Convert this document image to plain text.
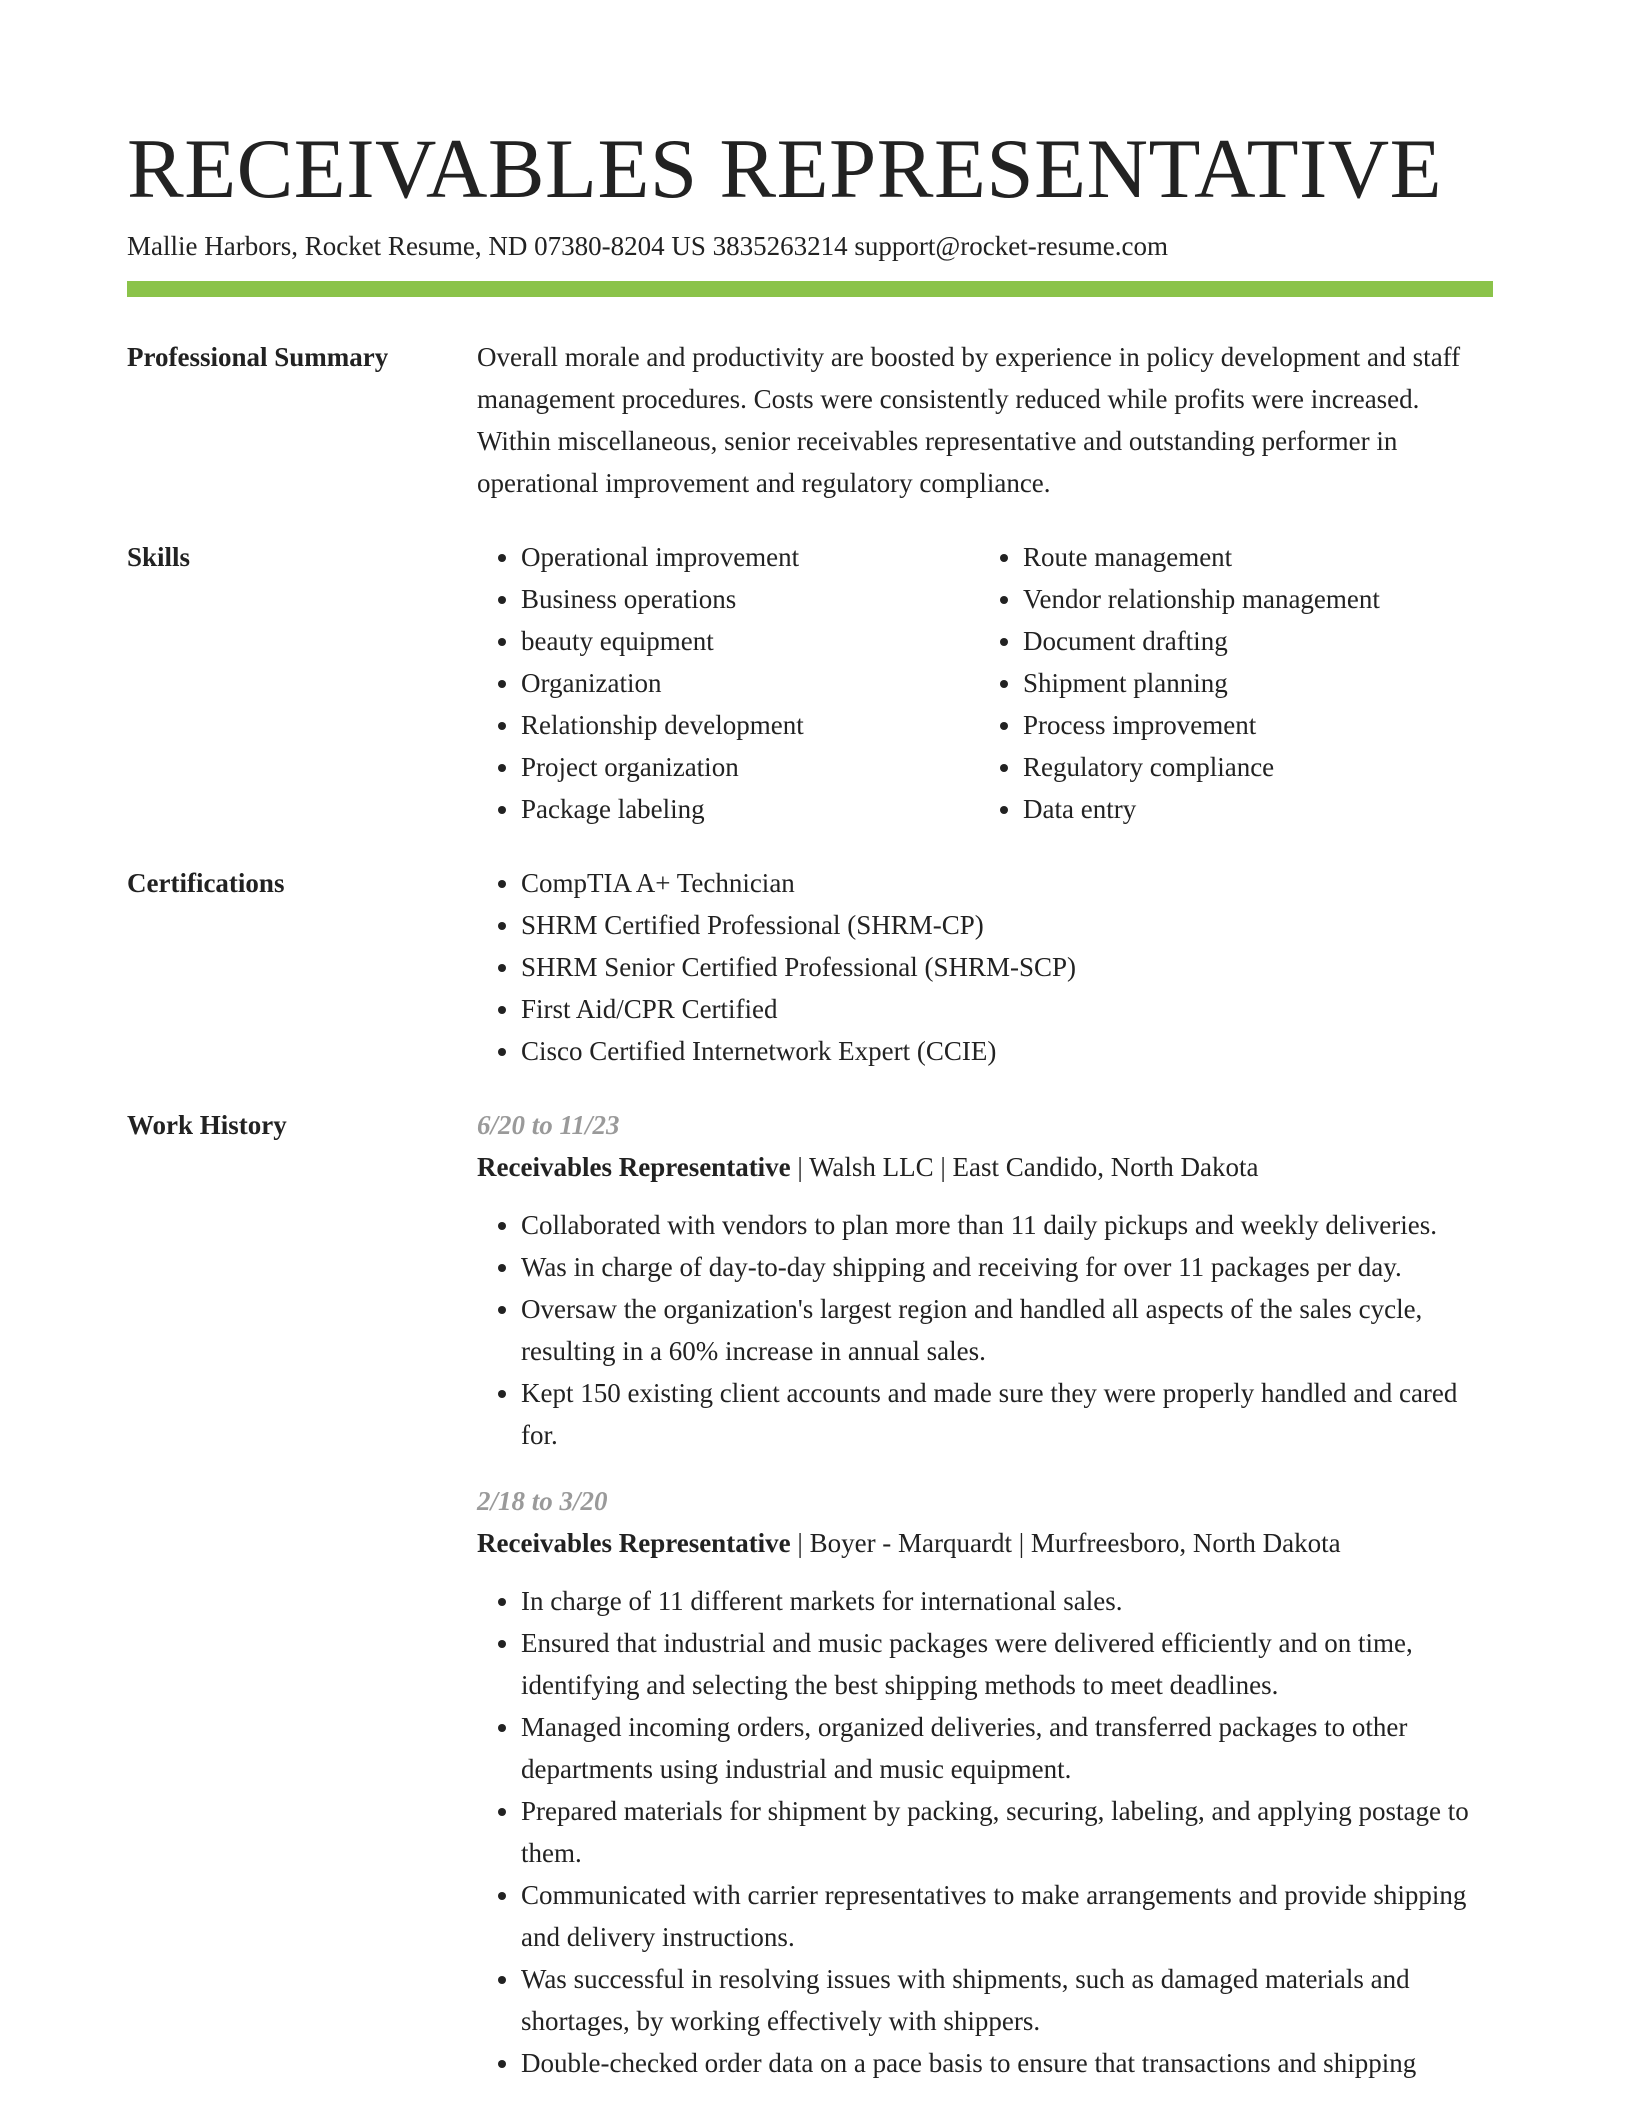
RECEIVABLES REPRESENTATIVE
Mallie Harbors, Rocket Resume, ND 07380-8204 US 3835263214 support@rocket-resume.com
Professional Summary	Overall morale and productivity are boosted by experience in policy development and staff management procedures. Costs were consistently reduced while profits were increased. Within miscellaneous, senior receivables representative and outstanding performer in operational improvement and regulatory compliance.
Skills	• Operational improvement
• Business operations
• beauty equipment
• Organization
• Relationship development
• Project organization
• Package labeling
• Route management
• Vendor relationship management
• Document drafting
• Shipment planning
• Process improvement
• Regulatory compliance
• Data entry
Certifications	• CompTIA A+ Technician
• SHRM Certified Professional (SHRM-CP)
• SHRM Senior Certified Professional (SHRM-SCP)
• First Aid/CPR Certified
• Cisco Certified Internetwork Expert (CCIE)
Work History	6/20 to 11/23
Receivables Representative | Walsh LLC | East Candido, North Dakota
• Collaborated with vendors to plan more than 11 daily pickups and weekly deliveries.
• Was in charge of day-to-day shipping and receiving for over 11 packages per day.
• Oversaw the organization's largest region and handled all aspects of the sales cycle, resulting in a 60% increase in annual sales.
• Kept 150 existing client accounts and made sure they were properly handled and cared for.
2/18 to 3/20
Receivables Representative | Boyer - Marquardt | Murfreesboro, North Dakota
• In charge of 11 different markets for international sales.
• Ensured that industrial and music packages were delivered efficiently and on time, identifying and selecting the best shipping methods to meet deadlines.
• Managed incoming orders, organized deliveries, and transferred packages to other departments using industrial and music equipment.
• Prepared materials for shipment by packing, securing, labeling, and applying postage to them.
• Communicated with carrier representatives to make arrangements and provide shipping and delivery instructions.
• Was successful in resolving issues with shipments, such as damaged materials and shortages, by working effectively with shippers.
• Double-checked order data on a pace basis to ensure that transactions and shipping
